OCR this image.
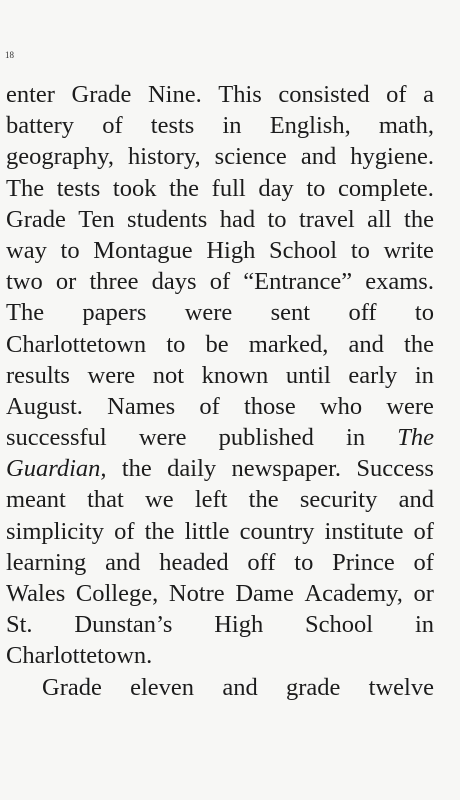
18
enter Grade Nine. This consisted of a
battery of tests in English, math,
geography, history, science and hygiene.
The tests took the full day to complete.
Grade Ten students had to travel all the
way to Montague High School to write
two or three days of “Entrance” exams.
The papers were sent off to
Charlottetown to be marked, and the
results were not known until early in
August. Names of those who were
successful were published in The
Guardian, the daily newspaper. Success
meant that we left the security and
simplicity of the little country institute of
learning and headed off to Prince of
Wales College, Notre Dame Academy, or
St. Dunstan’s High School in
Charlottetown.
Grade eleven and grade twelve
